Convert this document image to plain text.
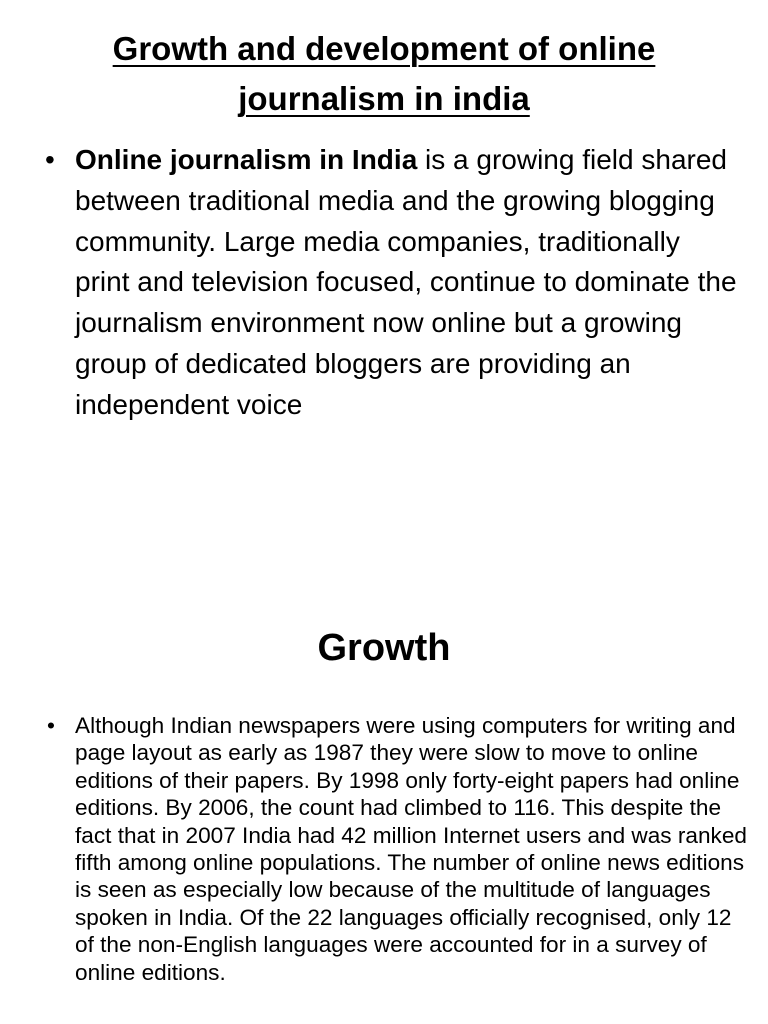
Growth and development of online journalism in india

• Online journalism in India is a growing field shared between traditional media and the growing blogging community. Large media companies, traditionally print and television focused, continue to dominate the journalism environment now online but a growing group of dedicated bloggers are providing an independent voice

Growth

• Although Indian newspapers were using computers for writing and page layout as early as 1987 they were slow to move to online editions of their papers. By 1998 only forty-eight papers had online editions. By 2006, the count had climbed to 116. This despite the fact that in 2007 India had 42 million Internet users and was ranked fifth among online populations. The number of online news editions is seen as especially low because of the multitude of languages spoken in India. Of the 22 languages officially recognised, only 12 of the non-English languages were accounted for in a survey of online editions.
